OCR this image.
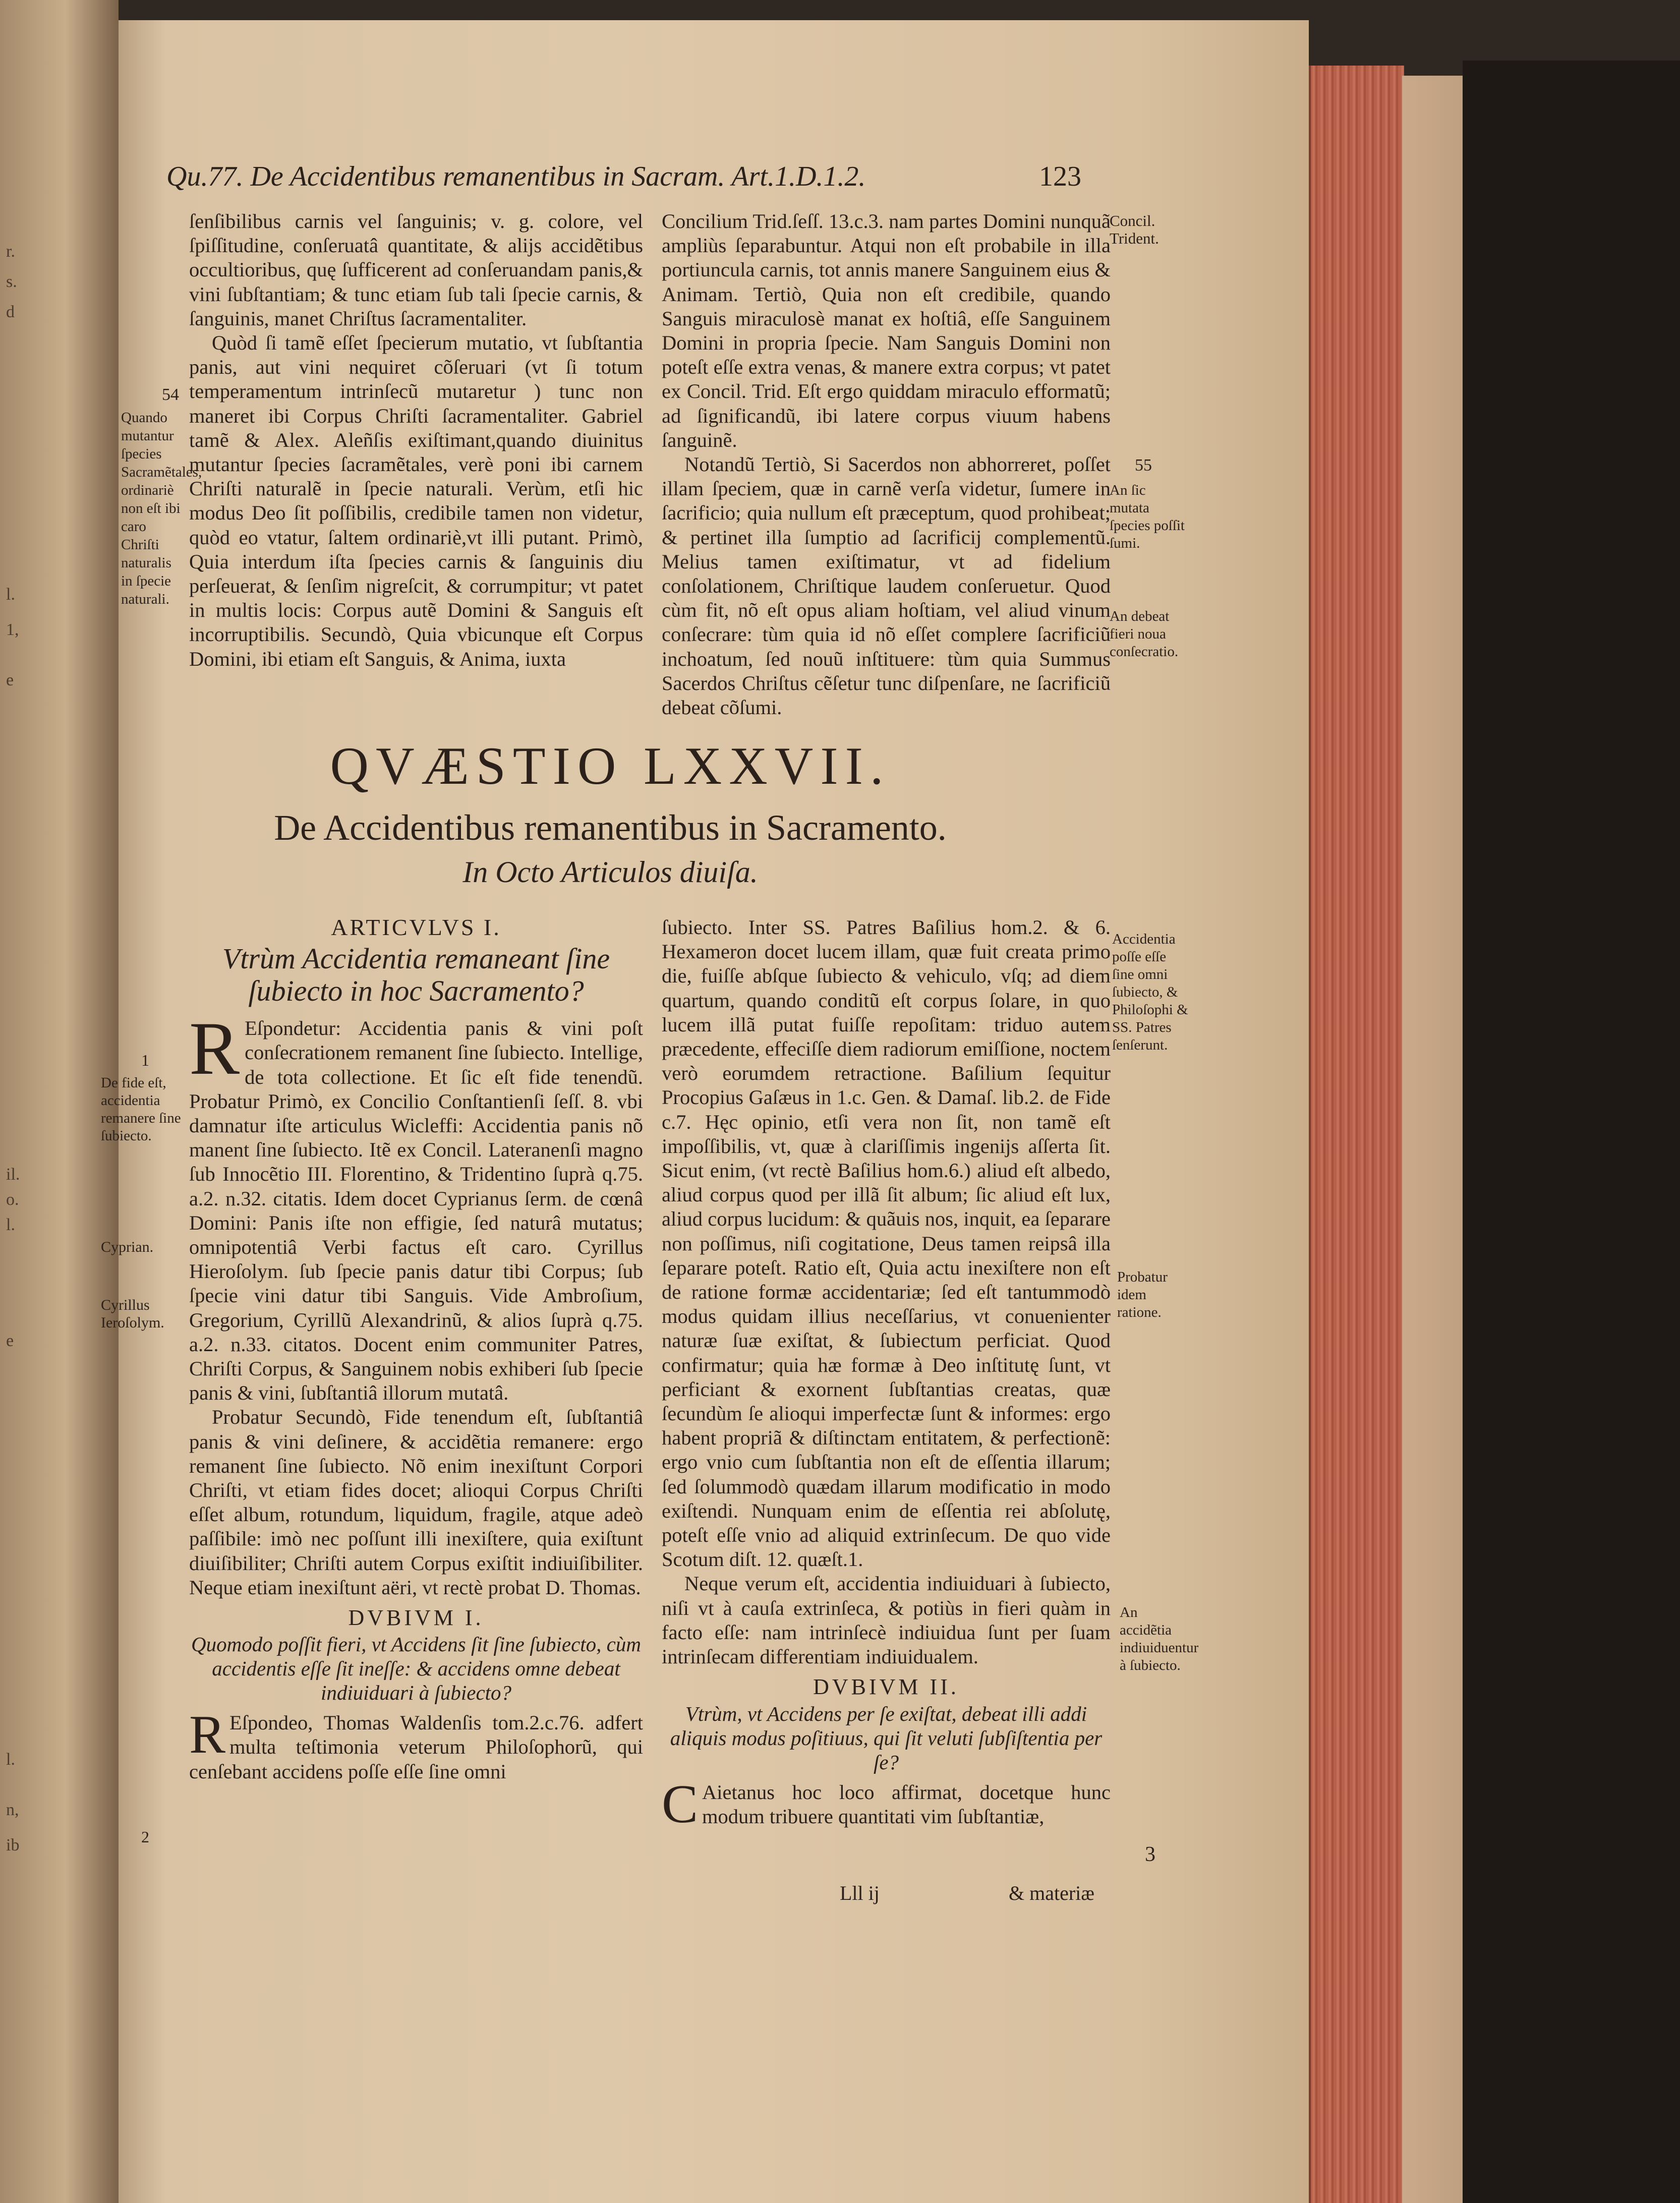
r.
s.
d
l.
1,
e
il.
o.
l.
e
l.
n,
ib
Qu.77. De Accidentibus remanentibus in Sacram. Art.1.D.1.2.	123

ſenſibilibus carnis vel ſanguinis; v. g. colore, vel ſpiſſitudine, conſeruatâ quantitate, & alijs accidẽtibus occultioribus, quę ſufficerent ad conſeruandam panis,& vini ſubſtantiam; & tunc etiam ſub tali ſpecie carnis, & ſanguinis, manet Chriſtus ſacramentaliter.

Quòd ſi tamẽ eſſet ſpecierum mutatio, vt ſubſtantia panis, aut vini nequiret cõſeruari (vt ſi totum temperamentum intrinſecũ mutaretur ) tunc non maneret ibi Corpus Chriſti ſacramentaliter. Gabriel tamẽ & Alex. Aleñſis exiſtimant,quando diuinitus mutantur ſpecies ſacramẽtales, verè poni ibi carnem Chriſti naturalẽ in ſpecie naturali. Verùm, etſi hic modus Deo ſit poſſibilis, credibile tamen non videtur, quòd eo vtatur, ſaltem ordinariè,vt illi putant. Primò, Quia interdum iſta ſpecies carnis & ſanguinis diu perſeuerat, & ſenſim nigreſcit, & corrumpitur; vt patet in multis locis: Corpus autẽ Domini & Sanguis eſt incorruptibilis. Secundò, Quia vbicunque eſt Corpus Domini, ibi etiam eſt Sanguis, & Anima, iuxta

Concilium Trid.ſeſſ. 13.c.3. nam partes Domini nunquã ampliùs ſeparabuntur. Atqui non eſt probabile in illa portiuncula carnis, tot annis manere Sanguinem eius & Animam. Tertiò, Quia non eſt credibile, quando Sanguis miraculosè manat ex hoſtiâ, eſſe Sanguinem Domini in propria ſpecie. Nam Sanguis Domini non poteſt eſſe extra venas, & manere extra corpus; vt patet ex Concil. Trid. Eſt ergo quiddam miraculo efformatũ; ad ſignificandũ, ibi latere corpus viuum habens ſanguinẽ.

Notandũ Tertiò, Si Sacerdos non abhorreret, poſſet illam ſpeciem, quæ in carnẽ verſa videtur, ſumere in ſacrificio; quia nullum eſt præceptum, quod prohibeat; & pertinet illa ſumptio ad ſacrificij complementũ. Melius tamen exiſtimatur, vt ad fidelium conſolationem, Chriſtique laudem conſeruetur. Quod cùm fit, nõ eſt opus aliam hoſtiam, vel aliud vinum conſecrare: tùm quia id nõ eſſet complere ſacrificiũ inchoatum, ſed nouũ inſtituere: tùm quia Summus Sacerdos Chriſtus cẽſetur tunc diſpenſare, ne ſacrificiũ debeat cõſumi.

Concil. Trident.
54
Quando mutantur ſpecies Sacramẽtales, ordinariè non eſt ibi caro Chriſti naturalis in ſpecie naturali.
55
An ſic mutata ſpecies poſſit ſumi.
An debeat fieri noua conſecratio.
QVÆSTIO LXXVII.
De Accidentibus remanentibus in Sacramento.
In Octo Articulos diuiſa.
ARTICVLVS I.
Vtrùm Accidentia remaneant ſine ſubiecto in hoc Sacramento?

R Eſpondetur: Accidentia panis & vini poſt conſecrationem remanent ſine ſubiecto. Intellige, de tota collectione. Et ſic eſt fide tenendũ. Probatur Primò, ex Concilio Conſtantienſi ſeſſ. 8. vbi damnatur iſte articulus Wicleffi: Accidentia panis nõ manent ſine ſubiecto. Itẽ ex Concil. Lateranenſi magno ſub Innocẽtio III. Florentino, & Tridentino ſuprà q.75. a.2. n.32. citatis. Idem docet Cyprianus ſerm. de cœnâ Domini: Panis iſte non effigie, ſed naturâ mutatus; omnipotentiâ Verbi factus eſt caro. Cyrillus Hieroſolym. ſub ſpecie panis datur tibi Corpus; ſub ſpecie vini datur tibi Sanguis. Vide Ambroſium, Gregorium, Cyrillũ Alexandrinũ, & alios ſuprà q.75. a.2. n.33. citatos. Docent enim communiter Patres, Chriſti Corpus, & Sanguinem nobis exhiberi ſub ſpecie panis & vini, ſubſtantiâ illorum mutatâ.

Probatur Secundò, Fide tenendum eſt, ſubſtantiâ panis & vini deſinere, & accidẽtia remanere: ergo remanent ſine ſubiecto. Nõ enim inexiſtunt Corpori Chriſti, vt etiam fides docet; alioqui Corpus Chriſti eſſet album, rotundum, liquidum, fragile, atque adeò paſſibile: imò nec poſſunt illi inexiſtere, quia exiſtunt diuiſibiliter; Chriſti autem Corpus exiſtit indiuiſibiliter. Neque etiam inexiſtunt aëri, vt rectè probat D. Thomas.

DVBIVM I.
Quomodo poſſit fieri, vt Accidens ſit ſine ſubiecto, cùm accidentis eſſe ſit ineſſe: & accidens omne debeat indiuiduari à ſubiecto?

R Eſpondeo, Thomas Waldenſis tom.2.c.76. adfert multa teſtimonia veterum Philoſophorũ, qui cenſebant accidens poſſe eſſe ſine omni

ſubiecto. Inter SS. Patres Baſilius hom.2. & 6. Hexameron docet lucem illam, quæ fuit creata primo die, fuiſſe abſque ſubiecto & vehiculo, vſq; ad diem quartum, quando conditũ eſt corpus ſolare, in quo lucem illã putat fuiſſe repoſitam: triduo autem præcedente, effeciſſe diem radiorum emiſſione, noctem verò eorumdem retractione. Baſilium ſequitur Procopius Gaſæus in 1.c. Gen. & Damaſ. lib.2. de Fide c.7. Hęc opinio, etſi vera non ſit, non tamẽ eſt impoſſibilis, vt, quæ à clariſſimis ingenijs aſſerta ſit. Sicut enim, (vt rectè Baſilius hom.6.) aliud eſt albedo, aliud corpus quod per illã ſit album; ſic aliud eſt lux, aliud corpus lucidum: & quãuis nos, inquit, ea ſeparare non poſſimus, niſi cogitatione, Deus tamen reipsâ illa ſeparare poteſt. Ratio eſt, Quia actu inexiſtere non eſt de ratione formæ accidentariæ; ſed eſt tantummodò modus quidam illius neceſſarius, vt conuenienter naturæ ſuæ exiſtat, & ſubiectum perficiat. Quod confirmatur; quia hæ formæ à Deo inſtitutę ſunt, vt perficiant & exornent ſubſtantias creatas, quæ ſecundùm ſe alioqui imperfectæ ſunt & informes: ergo habent propriã & diſtinctam entitatem, & perfectionẽ: ergo vnio cum ſubſtantia non eſt de eſſentia illarum; ſed ſolummodò quædam illarum modificatio in modo exiſtendi. Nunquam enim de eſſentia rei abſolutę, poteſt eſſe vnio ad aliquid extrinſecum. De quo vide Scotum diſt. 12. quæſt.1.

Neque verum eſt, accidentia indiuiduari à ſubiecto, niſi vt à cauſa extrinſeca, & potiùs in fieri quàm in facto eſſe: nam intrinſecè indiuidua ſunt per ſuam intrinſecam differentiam indiuidualem.

DVBIVM II.
Vtrùm, vt Accidens per ſe exiſtat, debeat illi addi aliquis modus poſitiuus, qui ſit veluti ſubſiſtentia per ſe?

C Aietanus hoc loco affirmat, docetque hunc modum tribuere quantitati vim ſubſtantiæ,

1
De fide eſt, accidentia remanere ſine ſubiecto.
Cyprian.
Cyrillus Ieroſolym.
Accidentia poſſe eſſe ſine omni ſubiecto, & Philoſophi & SS. Patres ſenſerunt.
Probatur idem ratione.
An accidẽtia indiuiduentur à ſubiecto.
2
3
Lll ij	& materiæ
